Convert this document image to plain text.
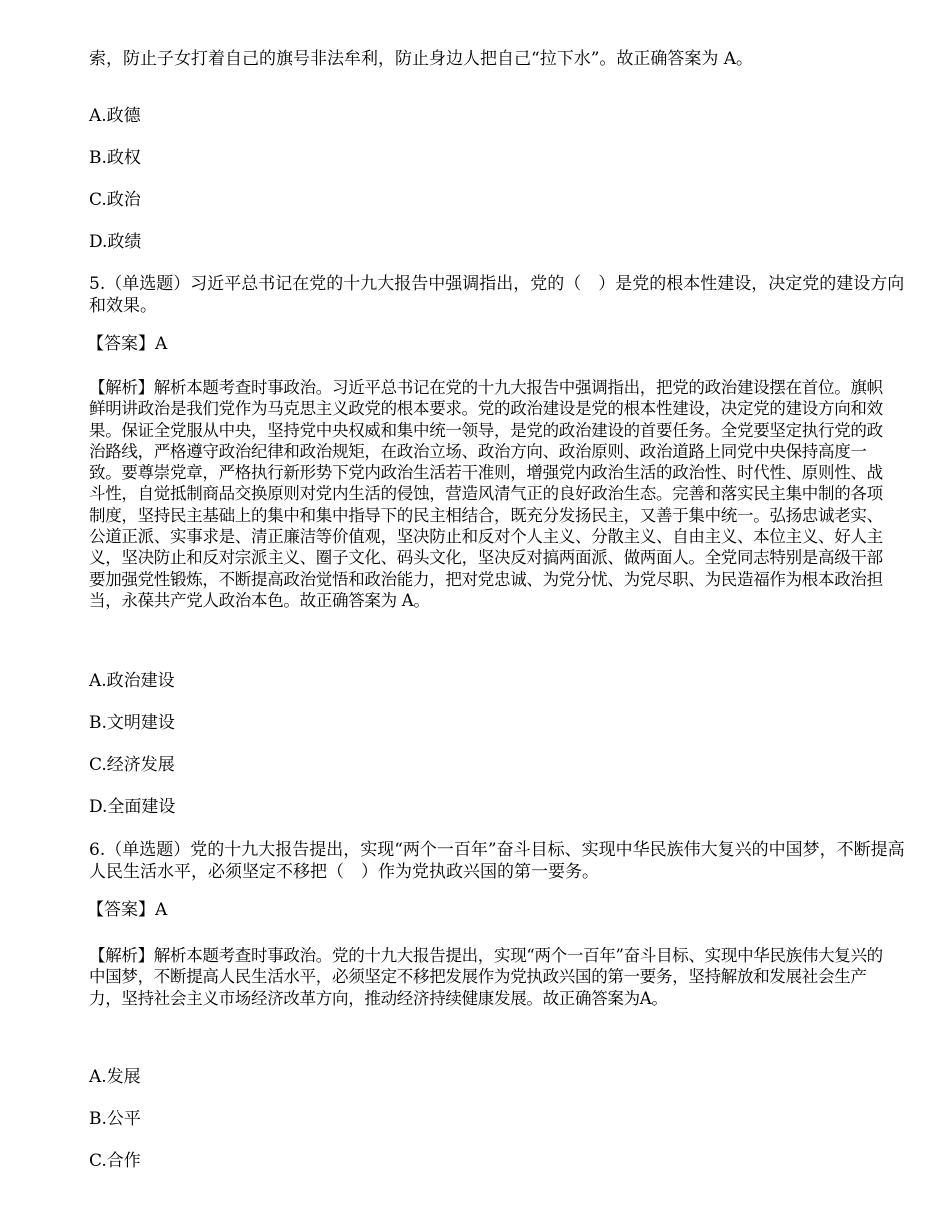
索，防止子女打着自己的旗号非法牟利，防止身边人把自己“拉下水”。故正确答案为 A。
A.政德
B.政权
C.政治
D.政绩
5.（单选题）习近平总书记在党的十九大报告中强调指出，党的（　）是党的根本性建设，决定党的建设方向和效果。
【答案】A
【解析】解析本题考查时事政治。习近平总书记在党的十九大报告中强调指出，把党的政治建设摆在首位。旗帜鲜明讲政治是我们党作为马克思主义政党的根本要求。党的政治建设是党的根本性建设，决定党的建设方向和效果。保证全党服从中央，坚持党中央权威和集中统一领导，是党的政治建设的首要任务。全党要坚定执行党的政治路线，严格遵守政治纪律和政治规矩，在政治立场、政治方向、政治原则、政治道路上同党中央保持高度一致。要尊崇党章，严格执行新形势下党内政治生活若干准则，增强党内政治生活的政治性、时代性、原则性、战斗性，自觉抵制商品交换原则对党内生活的侵蚀，营造风清气正的良好政治生态。完善和落实民主集中制的各项制度，坚持民主基础上的集中和集中指导下的民主相结合，既充分发扬民主，又善于集中统一。弘扬忠诚老实、公道正派、实事求是、清正廉洁等价值观，坚决防止和反对个人主义、分散主义、自由主义、本位主义、好人主义，坚决防止和反对宗派主义、圈子文化、码头文化，坚决反对搞两面派、做两面人。全党同志特别是高级干部要加强党性锻炼，不断提高政治觉悟和政治能力，把对党忠诚、为党分忧、为党尽职、为民造福作为根本政治担当，永葆共产党人政治本色。故正确答案为 A。
A.政治建设
B.文明建设
C.经济发展
D.全面建设
6.（单选题）党的十九大报告提出，实现“两个一百年”奋斗目标、实现中华民族伟大复兴的中国梦，不断提高人民生活水平，必须坚定不移把（　）作为党执政兴国的第一要务。
【答案】A
【解析】解析本题考查时事政治。党的十九大报告提出，实现“两个一百年”奋斗目标、实现中华民族伟大复兴的中国梦，不断提高人民生活水平，必须坚定不移把发展作为党执政兴国的第一要务，坚持解放和发展社会生产力，坚持社会主义市场经济改革方向，推动经济持续健康发展。故正确答案为A。
A.发展
B.公平
C.合作
